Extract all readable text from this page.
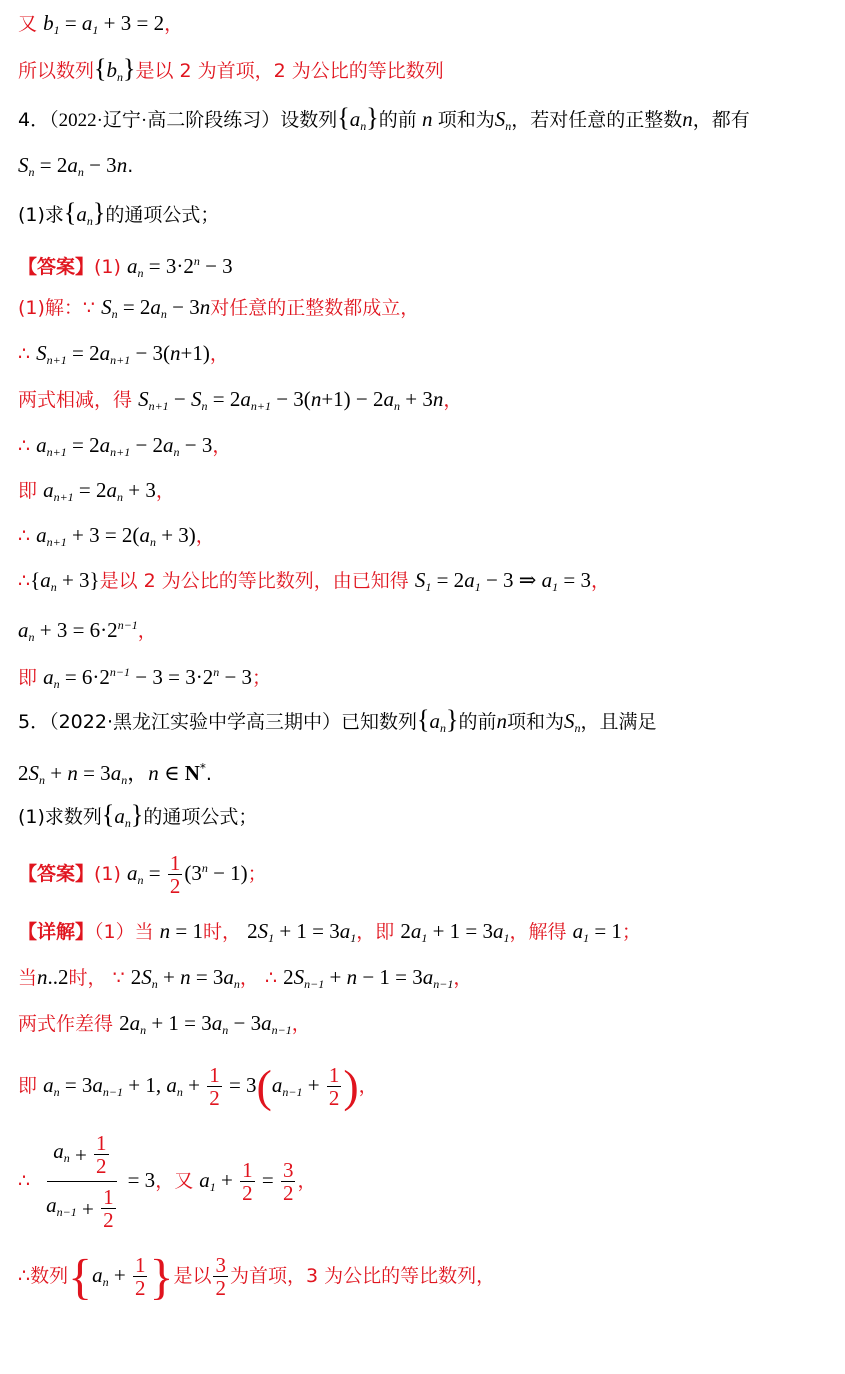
又 $b_1 = a_1 + 3 = 2$，
所以数列$\{b_n\}$是以 2 为首项，2 为公比的等比数列
4．（2022·辽宁·高二阶段练习）设数列$\{a_n\}$的前 n 项和为$S_n$，若对任意的正整数n，都有
$S_n = 2a_n - 3n$.
(1)求$\{a_n\}$的通项公式；
【答案】(1) $a_n = 3\cdot 2^n - 3$
(1)解：∵ $S_n = 2a_n - 3n$对任意的正整数都成立，
∴ $S_{n+1} = 2a_{n+1} - 3(n+1)$，
两式相减，得 $S_{n+1} - S_n = 2a_{n+1} - 3(n+1) - 2a_n + 3n$，
∴ $a_{n+1} = 2a_{n+1} - 2a_n - 3$，
即 $a_{n+1} = 2a_n + 3$，
∴ $a_{n+1} + 3 = 2(a_n + 3)$，
$\therefore\{a_n + 3\}$是以 2 为公比的等比数列，由已知得 $S_1 = 2a_1 - 3$ ⇒ $a_1 = 3$，
$a_n + 3 = 6\cdot 2^{n-1}$，
即 $a_n = 6\cdot 2^{n-1} - 3 = 3\cdot 2^n - 3$；
5．（2022·黑龙江实验中学高三期中）已知数列$\{a_n\}$的前n项和为$S_n$，且满足
$2S_n + n = 3a_n$，n ∈ N*.
(1)求数列$\{a_n\}$的通项公式；
【答案】(1) $a_n = \frac{1}{2} (3^n - 1)$；
【详解】（1）当 n = 1时， $2S_1 + 1 = 3a_1$，即 $2a_1 + 1 = 3a_1$，解得 $a_1 = 1$；
当n..2时， ∵ $2S_n + n = 3a_n$， ∴ $2S_{n-1} + n - 1 = 3a_{n-1}$，
两式作差得 $2a_n + 1 = 3a_n - 3a_{n-1}$，
即 $a_n = 3a_{n-1} + 1$, $a_n + \frac{1}{2} = 3(a_{n-1} + \frac{1}{2}$ )，
∴ $\frac{a_n + \frac{1}{2}}{a_{n-1} + \frac{1}{2}} = 3$，又 $a_1 + \frac{1}{2} = \frac{3}{2}$ ，
∴数列{$a_n + \frac{1}{2}$ }是以 $\frac{3}{2}$ 为首项，3 为公比的等比数列，
